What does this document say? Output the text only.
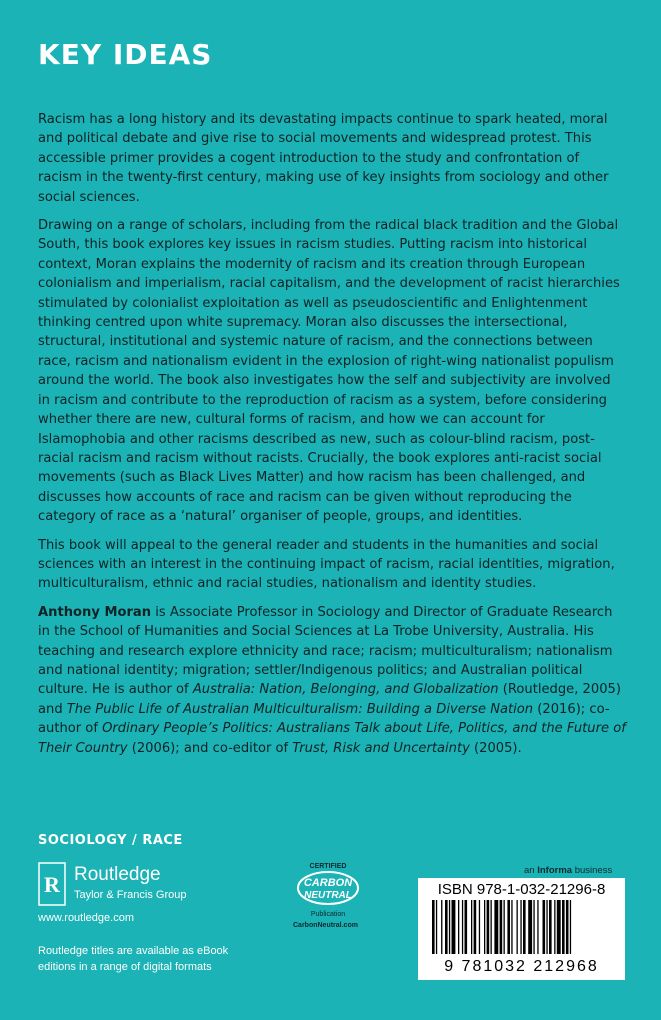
KEY IDEAS

Racism has a long history and its devastating impacts continue to spark heated, moral and political debate and give rise to social movements and widespread protest. This accessible primer provides a cogent introduction to the study and confrontation of racism in the twenty-first century, making use of key insights from sociology and other social sciences.

Drawing on a range of scholars, including from the radical black tradition and the Global South, this book explores key issues in racism studies. Putting racism into historical context, Moran explains the modernity of racism and its creation through European colonialism and imperialism, racial capitalism, and the development of racist hierarchies stimulated by colonialist exploitation as well as pseudoscientific and Enlightenment thinking centred upon white supremacy. Moran also discusses the intersectional, structural, institutional and systemic nature of racism, and the connections between race, racism and nationalism evident in the explosion of right-wing nationalist populism around the world. The book also investigates how the self and subjectivity are involved in racism and contribute to the reproduction of racism as a system, before considering whether there are new, cultural forms of racism, and how we can account for Islamophobia and other racisms described as new, such as colour-blind racism, post-racial racism and racism without racists. Crucially, the book explores anti-racist social movements (such as Black Lives Matter) and how racism has been challenged, and discusses how accounts of race and racism can be given without reproducing the category of race as a ‘natural’ organiser of people, groups, and identities.

This book will appeal to the general reader and students in the humanities and social sciences with an interest in the continuing impact of racism, racial identities, migration, multiculturalism, ethnic and racial studies, nationalism and identity studies.

Anthony Moran is Associate Professor in Sociology and Director of Graduate Research in the School of Humanities and Social Sciences at La Trobe University, Australia. His teaching and research explore ethnicity and race; racism; multiculturalism; nationalism and national identity; migration; settler/Indigenous politics; and Australian political culture. He is author of Australia: Nation, Belonging, and Globalization (Routledge, 2005) and The Public Life of Australian Multiculturalism: Building a Diverse Nation (2016); co-author of Ordinary People’s Politics: Australians Talk about Life, Politics, and the Future of Their Country (2006); and co-editor of Trust, Risk and Uncertainty (2005).

SOCIOLOGY / RACE
R Routledge
Taylor & Francis Group
www.routledge.com
Routledge titles are available as eBook editions in a range of digital formats
CERTIFIED
CARBON
NEUTRAL
Publication
CarbonNeutral.com
an Informa business
ISBN 978-1-032-21296-8
9 781032 212968
